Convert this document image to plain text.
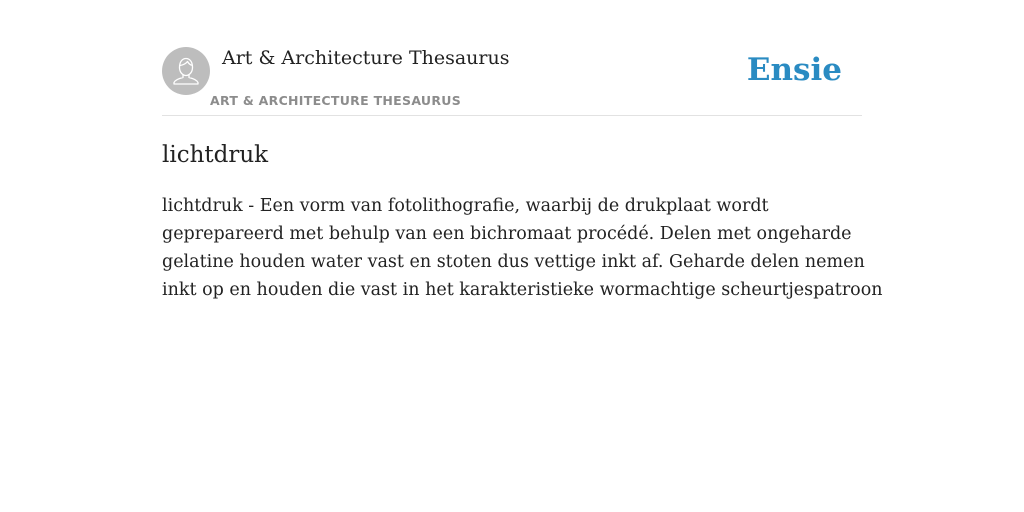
Art & Architecture Thesaurus
ART & ARCHITECTURE THESAURUS
Ensie
lichtdruk

lichtdruk - Een vorm van fotolithografie, waarbij de drukplaat wordt
geprepareerd met behulp van een bichromaat procédé. Delen met ongeharde
gelatine houden water vast en stoten dus vettige inkt af. Geharde delen nemen
inkt op en houden die vast in het karakteristieke wormachtige scheurtjespatroon
